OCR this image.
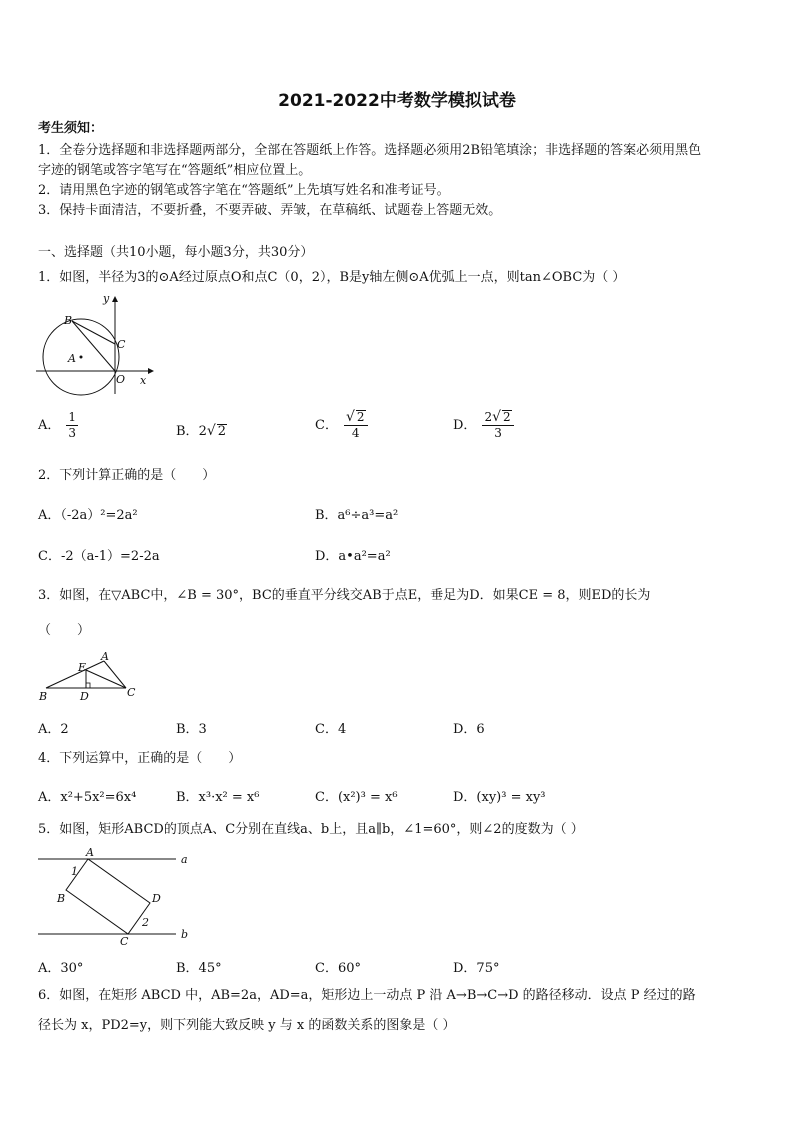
2021-2022中考数学模拟试卷
考生须知：
1．全卷分选择题和非选择题两部分，全部在答题纸上作答。选择题必须用2B铅笔填涂；非选择题的答案必须用黑色
字迹的钢笔或答字笔写在“答题纸”相应位置上。
2．请用黑色字迹的钢笔或答字笔在“答题纸”上先填写姓名和准考证号。
3．保持卡面清洁，不要折叠，不要弄破、弄皱，在草稿纸、试题卷上答题无效。
一、选择题（共10小题，每小题3分，共30分）
1．如图，半径为3的⊙A经过原点O和点C（0，2），B是y轴左侧⊙A优弧上一点，则tan∠OBC为（ ）
y
B
C
A
O x
A． $\frac{1}{3}$	B．2√ 2	C． $\frac{√ 2}{4}$	D． $\frac{2√ 2}{3}$
2．下列计算正确的是（　　）
A．（-2a）²=2a²	B．a⁶÷a³=a²
C．-2（a-1）=2-2a	D．a•a²=a²
3．如图，在▽ABC中，∠B = 30°，BC的垂直平分线交AB于点E，垂足为D．如果CE = 8，则ED的长为
（　　）
A
E
B	D	C
A．2	B．3	C．4	D．6
4．下列运算中，正确的是（　　）
A．x²+5x²=6x⁴	B．x³·x² = x⁶	C．(x²)³ = x⁶	D．(xy)³ = xy³
5．如图，矩形ABCD的顶点A、C分别在直线a、b上，且a∥b，∠1=60°，则∠2的度数为（ ）
A
a
1
B	D
2
C
b
A．30°	B．45°	C．60°	D．75°
6．如图，在矩形 ABCD 中，AB=2a，AD=a，矩形边上一动点 P 沿 A→B→C→D 的路径移动．设点 P 经过的路
径长为 x，PD2=y，则下列能大致反映 y 与 x 的函数关系的图象是（ ）
